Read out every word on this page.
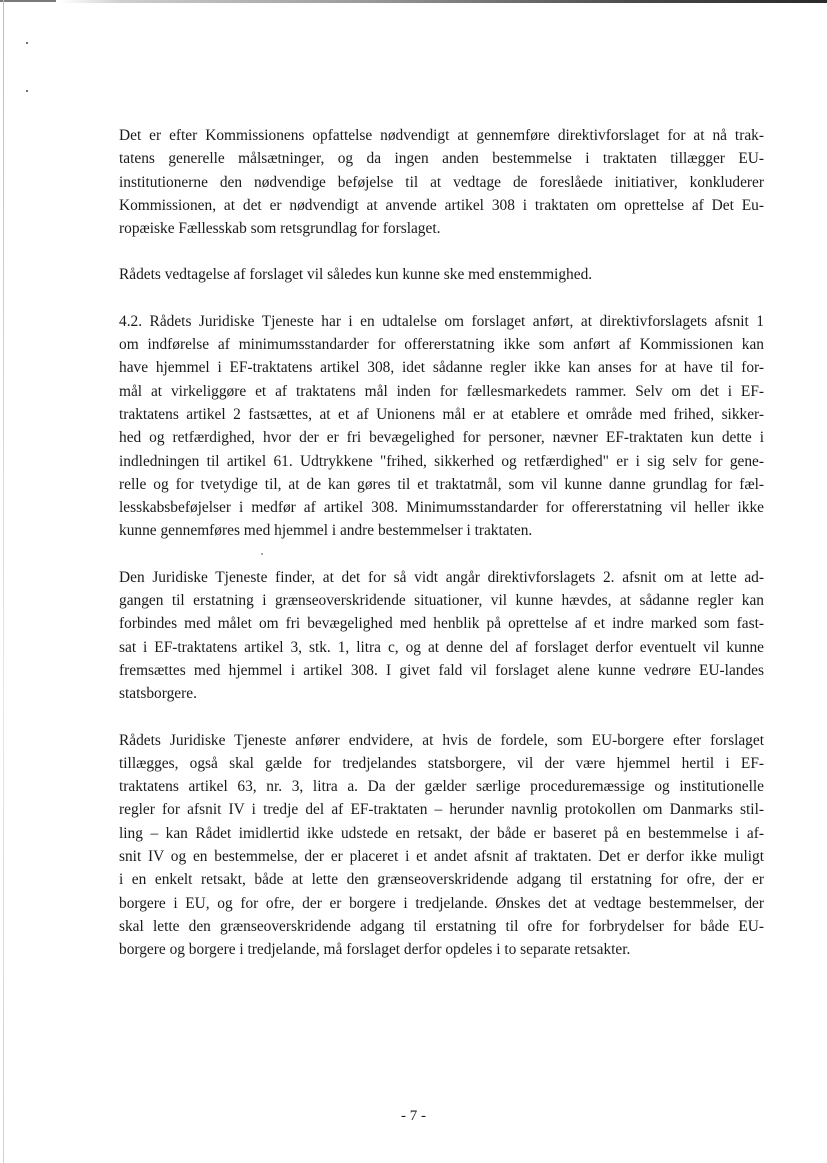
Det er efter Kommissionens opfattelse nødvendigt at gennemføre direktivforslaget for at nå trak-
tatens generelle målsætninger, og da ingen anden bestemmelse i traktaten tillægger EU-
institutionerne den nødvendige beføjelse til at vedtage de foreslåede initiativer, konkluderer
Kommissionen, at det er nødvendigt at anvende artikel 308 i traktaten om oprettelse af Det Eu-
ropæiske Fællesskab som retsgrundlag for forslaget.

Rådets vedtagelse af forslaget vil således kun kunne ske med enstemmighed.

4.2. Rådets Juridiske Tjeneste har i en udtalelse om forslaget anført, at direktivforslagets afsnit 1
om indførelse af minimumsstandarder for offererstatning ikke som anført af Kommissionen kan
have hjemmel i EF-traktatens artikel 308, idet sådanne regler ikke kan anses for at have til for-
mål at virkeliggøre et af traktatens mål inden for fællesmarkedets rammer. Selv om det i EF-
traktatens artikel 2 fastsættes, at et af Unionens mål er at etablere et område med frihed, sikker-
hed og retfærdighed, hvor der er fri bevægelighed for personer, nævner EF-traktaten kun dette i
indledningen til artikel 61. Udtrykkene "frihed, sikkerhed og retfærdighed" er i sig selv for gene-
relle og for tvetydige til, at de kan gøres til et traktatmål, som vil kunne danne grundlag for fæl-
lesskabsbeføjelser i medfør af artikel 308. Minimumsstandarder for offererstatning vil heller ikke
kunne gennemføres med hjemmel i andre bestemmelser i traktaten.

Den Juridiske Tjeneste finder, at det for så vidt angår direktivforslagets 2. afsnit om at lette ad-
gangen til erstatning i grænseoverskridende situationer, vil kunne hævdes, at sådanne regler kan
forbindes med målet om fri bevægelighed med henblik på oprettelse af et indre marked som fast-
sat i EF-traktatens artikel 3, stk. 1, litra c, og at denne del af forslaget derfor eventuelt vil kunne
fremsættes med hjemmel i artikel 308. I givet fald vil forslaget alene kunne vedrøre EU-landes
statsborgere.

Rådets Juridiske Tjeneste anfører endvidere, at hvis de fordele, som EU-borgere efter forslaget
tillægges, også skal gælde for tredjelandes statsborgere, vil der være hjemmel hertil i EF-
traktatens artikel 63, nr. 3, litra a. Da der gælder særlige proceduremæssige og institutionelle
regler for afsnit IV i tredje del af EF-traktaten – herunder navnlig protokollen om Danmarks stil-
ling – kan Rådet imidlertid ikke udstede en retsakt, der både er baseret på en bestemmelse i af-
snit IV og en bestemmelse, der er placeret i et andet afsnit af traktaten. Det er derfor ikke muligt
i en enkelt retsakt, både at lette den grænseoverskridende adgang til erstatning for ofre, der er
borgere i EU, og for ofre, der er borgere i tredjelande. Ønskes det at vedtage bestemmelser, der
skal lette den grænseoverskridende adgang til erstatning til ofre for forbrydelser for både EU-
borgere og borgere i tredjelande, må forslaget derfor opdeles i to separate retsakter.

- 7 -
